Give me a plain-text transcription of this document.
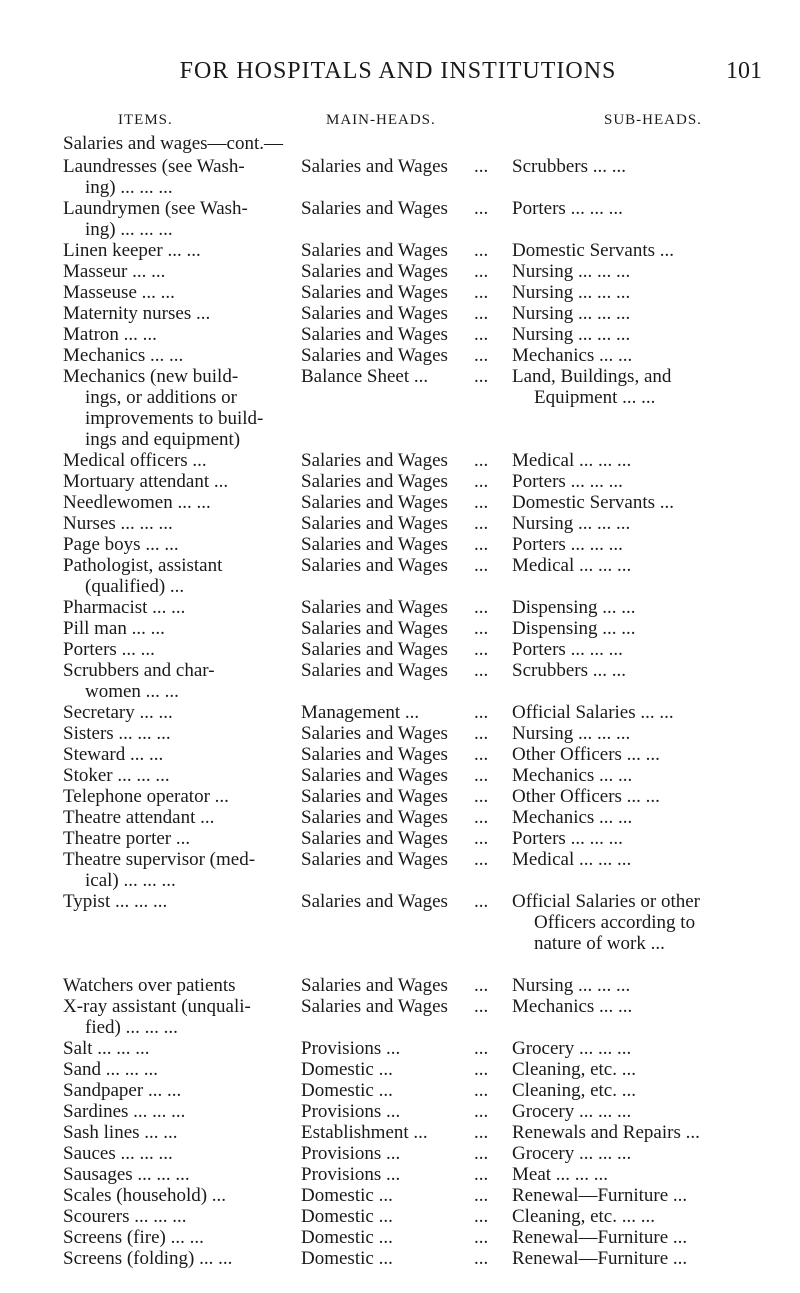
FOR HOSPITALS AND INSTITUTIONS	101
ITEMS.	MAIN-HEADS.	SUB-HEADS.
Salaries and wages—cont.—
Laundresses (see Wash-
ing) ... ... ...
Salaries and Wages	...	Scrubbers ... ...
Laundrymen (see Wash-
ing) ... ... ...
Salaries and Wages	...	Porters ... ... ...
Linen keeper ... ...	Salaries and Wages	...	Domestic Servants ...
Masseur ... ...	Salaries and Wages	...	Nursing ... ... ...
Masseuse ... ...	Salaries and Wages	...	Nursing ... ... ...
Maternity nurses ...	Salaries and Wages	...	Nursing ... ... ...
Matron ... ...	Salaries and Wages	...	Nursing ... ... ...
Mechanics ... ...	Salaries and Wages	...	Mechanics ... ...
Mechanics (new build-
ings, or additions or
improvements to build-
ings and equipment)
Balance Sheet ...	...	Land, Buildings, and
Equipment ... ...
Medical officers ...	Salaries and Wages	...	Medical ... ... ...
Mortuary attendant ...	Salaries and Wages	...	Porters ... ... ...
Needlewomen ... ...	Salaries and Wages	...	Domestic Servants ...
Nurses ... ... ...	Salaries and Wages	...	Nursing ... ... ...
Page boys ... ...	Salaries and Wages	...	Porters ... ... ...
Pathologist, assistant
(qualified) ...
Salaries and Wages	...	Medical ... ... ...
Pharmacist ... ...	Salaries and Wages	...	Dispensing ... ...
Pill man ... ...	Salaries and Wages	...	Dispensing ... ...
Porters ... ...	Salaries and Wages	...	Porters ... ... ...
Scrubbers and char-
women ... ...
Salaries and Wages	...	Scrubbers ... ...
Secretary ... ...	Management ...	...	Official Salaries ... ...
Sisters ... ... ...	Salaries and Wages	...	Nursing ... ... ...
Steward ... ...	Salaries and Wages	...	Other Officers ... ...
Stoker ... ... ...	Salaries and Wages	...	Mechanics ... ...
Telephone operator ...	Salaries and Wages	...	Other Officers ... ...
Theatre attendant ...	Salaries and Wages	...	Mechanics ... ...
Theatre porter ...	Salaries and Wages	...	Porters ... ... ...
Theatre supervisor (med-
ical) ... ... ...
Salaries and Wages	...	Medical ... ... ...
Typist ... ... ...	Salaries and Wages	...	Official Salaries or other
Officers according to
nature of work ...
Watchers over patients	Salaries and Wages	...	Nursing ... ... ...
X-ray assistant (unquali-
fied) ... ... ...
Salaries and Wages	...	Mechanics ... ...
Salt ... ... ...	Provisions ...	...	Grocery ... ... ...
Sand ... ... ...	Domestic ...	...	Cleaning, etc. ...
Sandpaper ... ...	Domestic ...	...	Cleaning, etc. ...
Sardines ... ... ...	Provisions ...	...	Grocery ... ... ...
Sash lines ... ...	Establishment ...	...	Renewals and Repairs ...
Sauces ... ... ...	Provisions ...	...	Grocery ... ... ...
Sausages ... ... ...	Provisions ...	...	Meat ... ... ...
Scales (household) ...	Domestic ...	...	Renewal—Furniture ...
Scourers ... ... ...	Domestic ...	...	Cleaning, etc. ... ...
Screens (fire) ... ...	Domestic ...	...	Renewal—Furniture ...
Screens (folding) ... ...	Domestic ...	...	Renewal—Furniture ...
